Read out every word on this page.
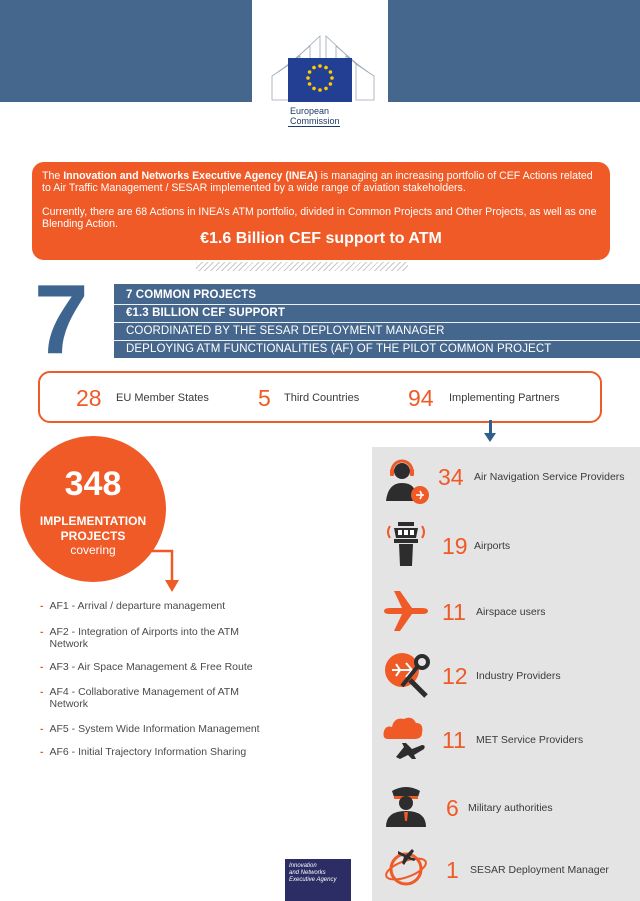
European
Commission
The Innovation and Networks Executive Agency (INEA) is managing an increasing portfolio of CEF Actions related to Air Traffic Management / SESAR implemented by a wide range of aviation stakeholders.
Currently, there are 68 Actions in INEA’s ATM portfolio, divided in Common Projects and Other Projects, as well as one Blending Action.
€1.6 Billion CEF support to ATM
7	7 COMMON PROJECTS
€1.3 BILLION CEF SUPPORT
COORDINATED BY THE SESAR DEPLOYMENT MANAGER
DEPLOYING ATM FUNCTIONALITIES (AF) OF THE PILOT COMMON PROJECT
28 EU Member States 5 Third Countries 94 Implementing Partners
348
IMPLEMENTATION
PROJECTS
covering
- AF1 - Arrival / departure management
- AF2 - Integration of Airports into the ATM Network
- AF3 - Air Space Management & Free Route
- AF4 - Collaborative Management of ATM Network
- AF5 - System Wide Information Management
- AF6 - Initial Trajectory Information Sharing
34 Air Navigation Service Providers
19 Airports
11 Airspace users
12 Industry Providers
11 MET Service Providers
6 Military authorities
1 SESAR Deployment Manager
Innovation
and Networks
Executive Agency
